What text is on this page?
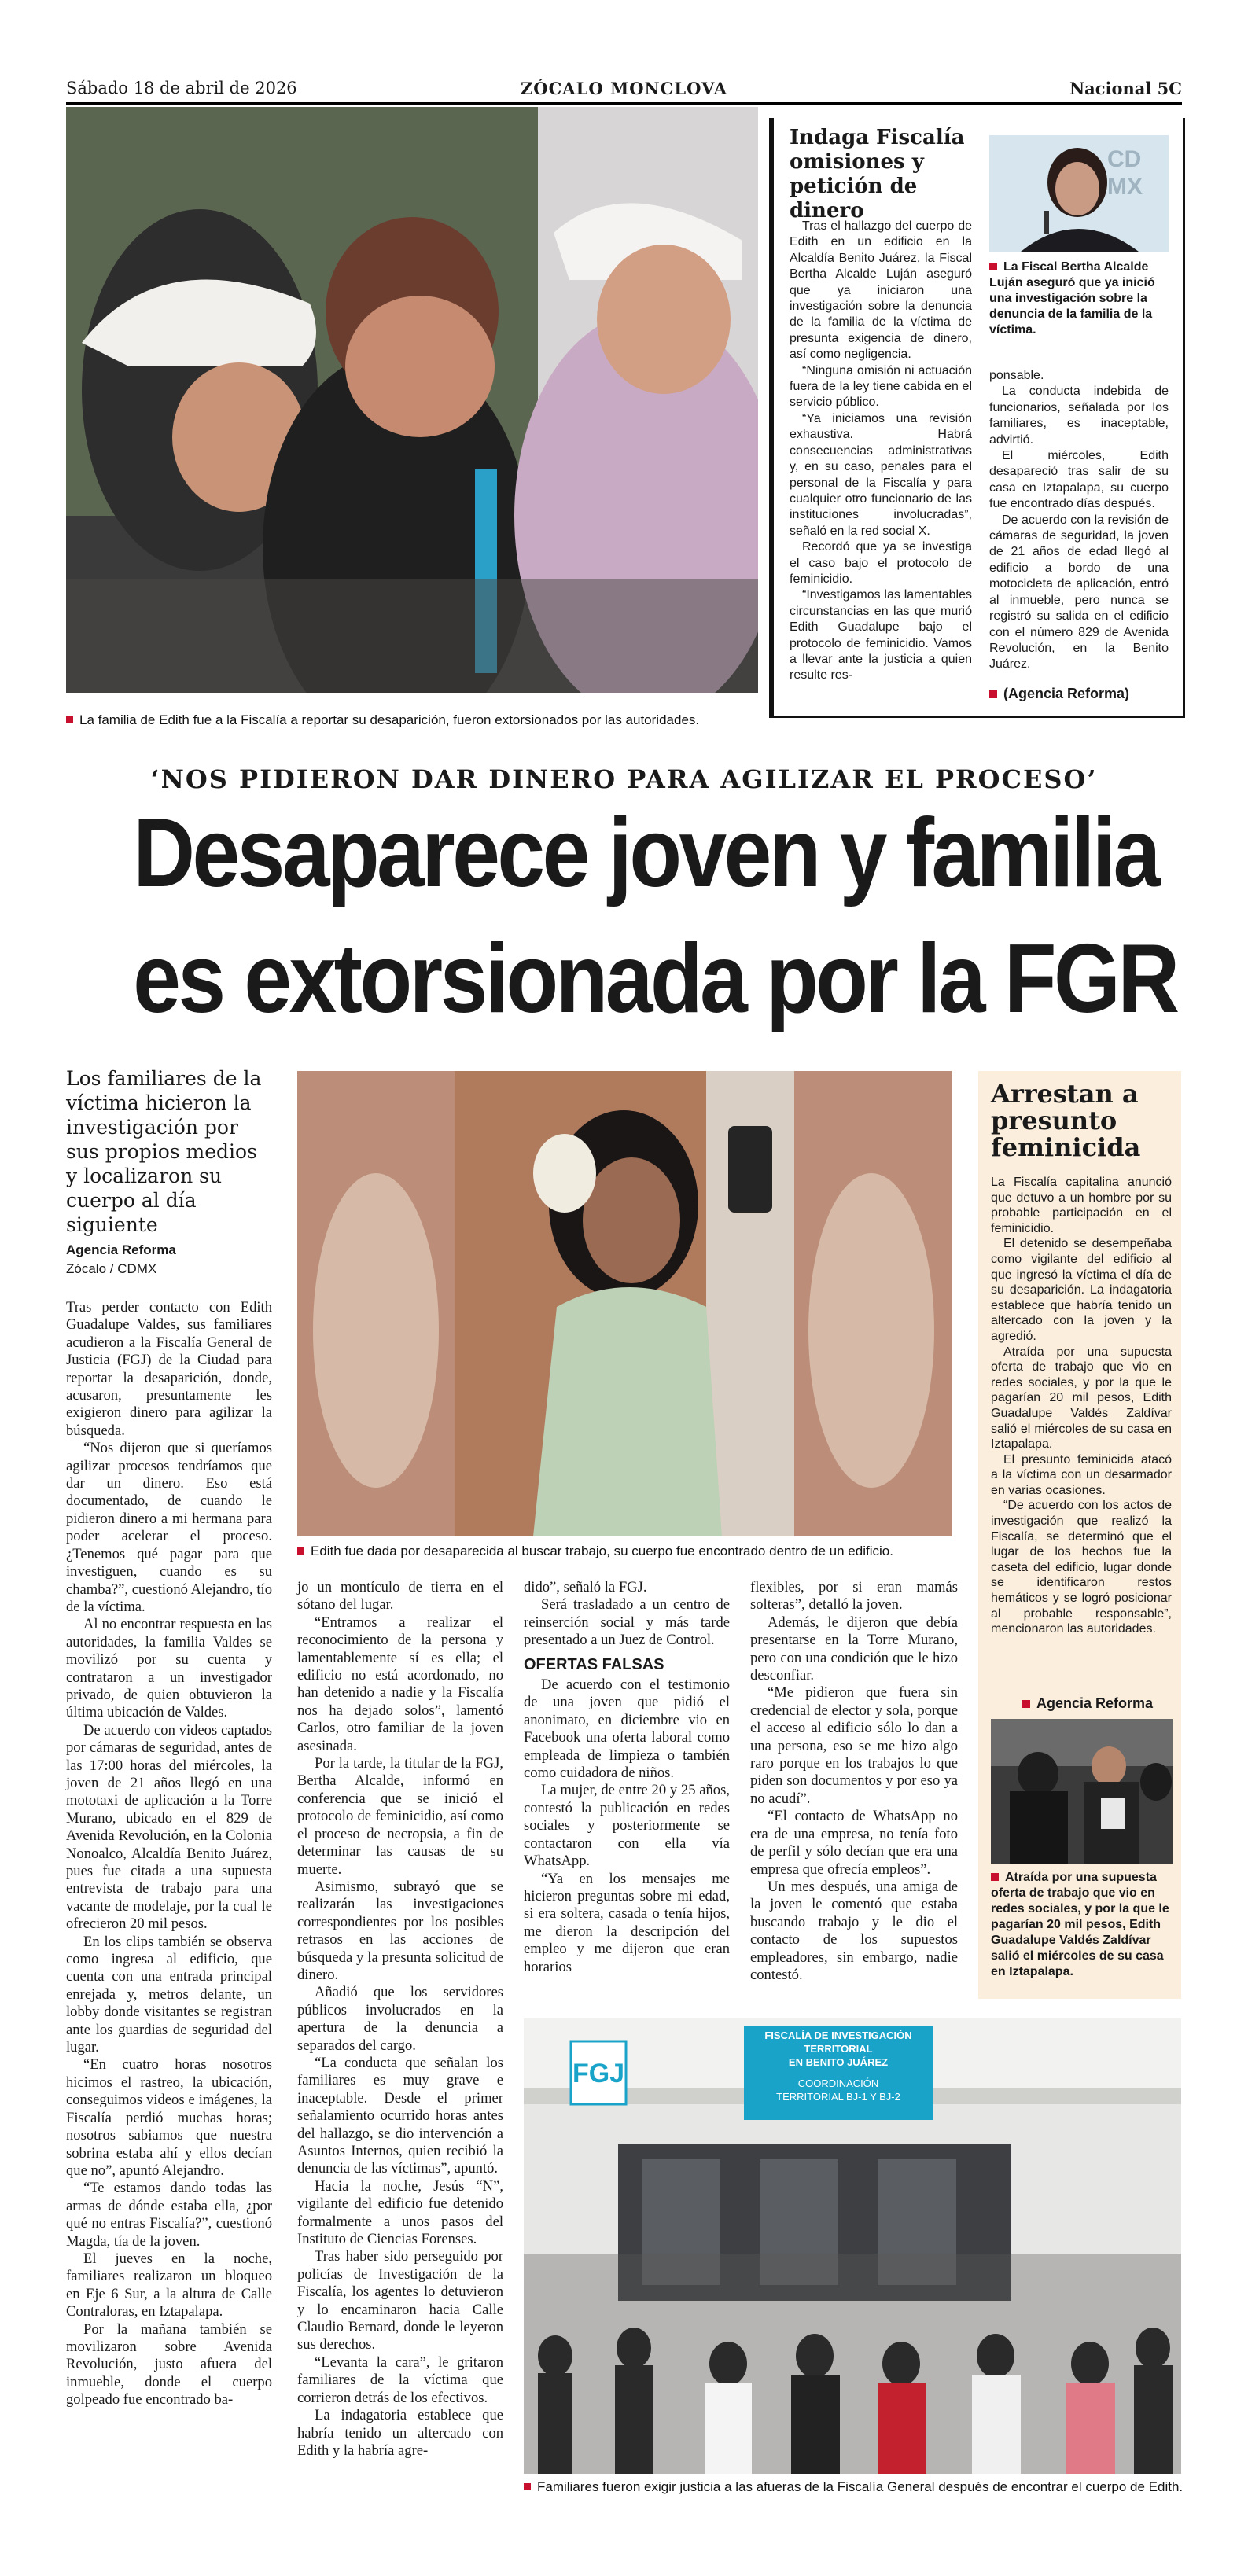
Sábado 18 de abril de 2026	ZÓCALO MONCLOVA	Nacional 5C
La familia de Edith fue a la Fiscalía a reportar su desaparición, fueron extorsionados por las autoridades.
Indaga Fiscalía omisiones y petición de dinero

Tras el hallazgo del cuerpo de Edith en un edificio en la Alcaldía Benito Juárez, la Fiscal Bertha Alcalde Luján aseguró que ya iniciaron una investigación sobre la denuncia de la familia de la víctima de presunta exigencia de dinero, así como negligencia.

“Ninguna omisión ni actuación fuera de la ley tiene cabida en el servicio público.

“Ya iniciamos una revisión exhaustiva. Habrá consecuencias administrativas y, en su caso, penales para el personal de la Fiscalía y para cualquier otro funcionario de las instituciones involucradas”, señaló en la red social X.

Recordó que ya se investiga el caso bajo el protocolo de feminicidio.

“Investigamos las lamentables circunstancias en las que murió Edith Guadalupe bajo el protocolo de feminicidio. Vamos a llevar ante la justicia a quien resulte res-

CD
MX
La Fiscal Bertha Alcalde Luján aseguró que ya inició una investigación sobre la denuncia de la familia de la víctima.

ponsable.

La conducta indebida de funcionarios, señalada por los familiares, es inaceptable, advirtió.

El miércoles, Edith desapareció tras salir de su casa en Iztapalapa, su cuerpo fue encontrado días después.

De acuerdo con la revisión de cámaras de seguridad, la joven de 21 años de edad llegó al edificio a bordo de una motocicleta de aplicación, entró al inmueble, pero nunca se registró su salida en el edificio con el número 829 de Avenida Revolución, en la Benito Juárez.

(Agencia Reforma)
‘NOS PIDIERON DAR DINERO PARA AGILIZAR EL PROCESO’
Desaparece joven y familia
es extorsionada por la FGR
Los familiares de la víctima hicieron la investigación por sus propios medios y localizaron su cuerpo al día siguiente
Agencia Reforma
Zócalo / CDMX
Edith fue dada por desaparecida al buscar trabajo, su cuerpo fue encontrado dentro de un edificio.

Tras perder contacto con Edith Guadalupe Valdes, sus familiares acudieron a la Fiscalía General de Justicia (FGJ) de la Ciudad para reportar la desaparición, donde, acusaron, presuntamente les exigieron dinero para agilizar la búsqueda.

“Nos dijeron que si queríamos agilizar procesos tendríamos que dar un dinero. Eso está documentado, de cuando le pidieron dinero a mi hermana para poder acelerar el proceso. ¿Tenemos qué pagar para que investiguen, cuando es su chamba?”, cuestionó Alejandro, tío de la víctima.

Al no encontrar respuesta en las autoridades, la familia Valdes se movilizó por su cuenta y contrataron a un investigador privado, de quien obtuvieron la última ubicación de Valdes.

De acuerdo con videos captados por cámaras de seguridad, antes de las 17:00 horas del miércoles, la joven de 21 años llegó en una mototaxi de aplicación a la Torre Murano, ubicado en el 829 de Avenida Revolución, en la Colonia Nonoalco, Alcaldía Benito Juárez, pues fue citada a una supuesta entrevista de trabajo para una vacante de modelaje, por la cual le ofrecieron 20 mil pesos.

En los clips también se observa como ingresa al edificio, que cuenta con una entrada principal enrejada y, metros delante, un lobby donde visitantes se registran ante los guardias de seguridad del lugar.

“En cuatro horas nosotros hicimos el rastreo, la ubicación, conseguimos videos e imágenes, la Fiscalía perdió muchas horas; nosotros sabiamos que nuestra sobrina estaba ahí y ellos decían que no”, apuntó Alejandro.

“Te estamos dando todas las armas de dónde estaba ella, ¿por qué no entras Fiscalía?”, cuestionó Magda, tía de la joven.

El jueves en la noche, familiares realizaron un bloqueo en Eje 6 Sur, a la altura de Calle Contraloras, en Iztapalapa.

Por la mañana también se movilizaron sobre Avenida Revolución, justo afuera del inmueble, donde el cuerpo golpeado fue encontrado ba-

jo un montículo de tierra en el sótano del lugar.

“Entramos a realizar el reconocimiento de la persona y lamentablemente sí es ella; el edificio no está acordonado, no han detenido a nadie y la Fiscalía nos ha dejado solos”, lamentó Carlos, otro familiar de la joven asesinada.

Por la tarde, la titular de la FGJ, Bertha Alcalde, informó en conferencia que se inició el protocolo de feminicidio, así como el proceso de necropsia, a fin de determinar las causas de su muerte.

Asimismo, subrayó que se realizarán las investigaciones correspondientes por los posibles retrasos en las acciones de búsqueda y la presunta solicitud de dinero.

Añadió que los servidores públicos involucrados en la apertura de la denuncia a separados del cargo.

“La conducta que señalan los familiares es muy grave e inaceptable. Desde el primer señalamiento ocurrido horas antes del hallazgo, se dio intervención a Asuntos Internos, quien recibió la denuncia de las víctimas”, apuntó.

Hacia la noche, Jesús “N”, vigilante del edificio fue detenido formalmente a unos pasos del Instituto de Ciencias Forenses.

Tras haber sido perseguido por policías de Investigación de la Fiscalía, los agentes lo detuvieron y lo encaminaron hacia Calle Claudio Bernard, donde le leyeron sus derechos.

“Levanta la cara”, le gritaron familiares de la víctima que corrieron detrás de los efectivos.

La indagatoria establece que habría tenido un altercado con Edith y la habría agre-

dido”, señaló la FGJ.

Será trasladado a un centro de reinserción social y más tarde presentado a un Juez de Control.

OFERTAS FALSAS

De acuerdo con el testimonio de una joven que pidió el anonimato, en diciembre vio en Facebook una oferta laboral como empleada de limpieza o también como cuidadora de niños.

La mujer, de entre 20 y 25 años, contestó la publicación en redes sociales y posteriormente se contactaron con ella vía WhatsApp.

“Ya en los mensajes me hicieron preguntas sobre mi edad, si era soltera, casada o tenía hijos, me dieron la descripción del empleo y me dijeron que eran horarios

flexibles, por si eran mamás solteras”, detalló la joven.

Además, le dijeron que debía presentarse en la Torre Murano, pero con una condición que le hizo desconfiar.

“Me pidieron que fuera sin credencial de elector y sola, porque el acceso al edificio sólo lo dan a una persona, eso se me hizo algo raro porque en los trabajos lo que piden son documentos y por eso ya no acudí”.

“El contacto de WhatsApp no era de una empresa, no tenía foto de perfil y sólo decían que era una empresa que ofrecía empleos”.

Un mes después, una amiga de la joven le comentó que estaba buscando trabajo y le dio el contacto de los supuestos empleadores, sin embargo, nadie contestó.

Arrestan a presunto feminicida

La Fiscalía capitalina anunció que detuvo a un hombre por su probable participación en el feminicidio.

El detenido se desempeñaba como vigilante del edificio al que ingresó la víctima el día de su desaparición. La indagatoria establece que habría tenido un altercado con la joven y la agredió.

Atraída por una supuesta oferta de trabajo que vio en redes sociales, y por la que le pagarían 20 mil pesos, Edith Guadalupe Valdés Zaldívar salió el miércoles de su casa en Iztapalapa.

El presunto feminicida atacó a la víctima con un desarmador en varias ocasiones.

“De acuerdo con los actos de investigación que realizó la Fiscalía, se determinó que el lugar de los hechos fue la caseta del edificio, lugar donde se identificaron restos hemáticos y se logró posicionar al probable responsable”, mencionaron las autoridades.

Agencia Reforma
Atraída por una supuesta oferta de trabajo que vio en redes sociales, y por la que le pagarían 20 mil pesos, Edith Guadalupe Valdés Zaldívar salió el miércoles de su casa en Iztapalapa.
FGJ
FISCALÍA DE INVESTIGACIÓN
TERRITORIAL
EN BENITO JUÁREZ
COORDINACIÓN
TERRITORIAL BJ-1 Y BJ-2
Familiares fueron exigir justicia a las afueras de la Fiscalía General después de encontrar el cuerpo de Edith.
